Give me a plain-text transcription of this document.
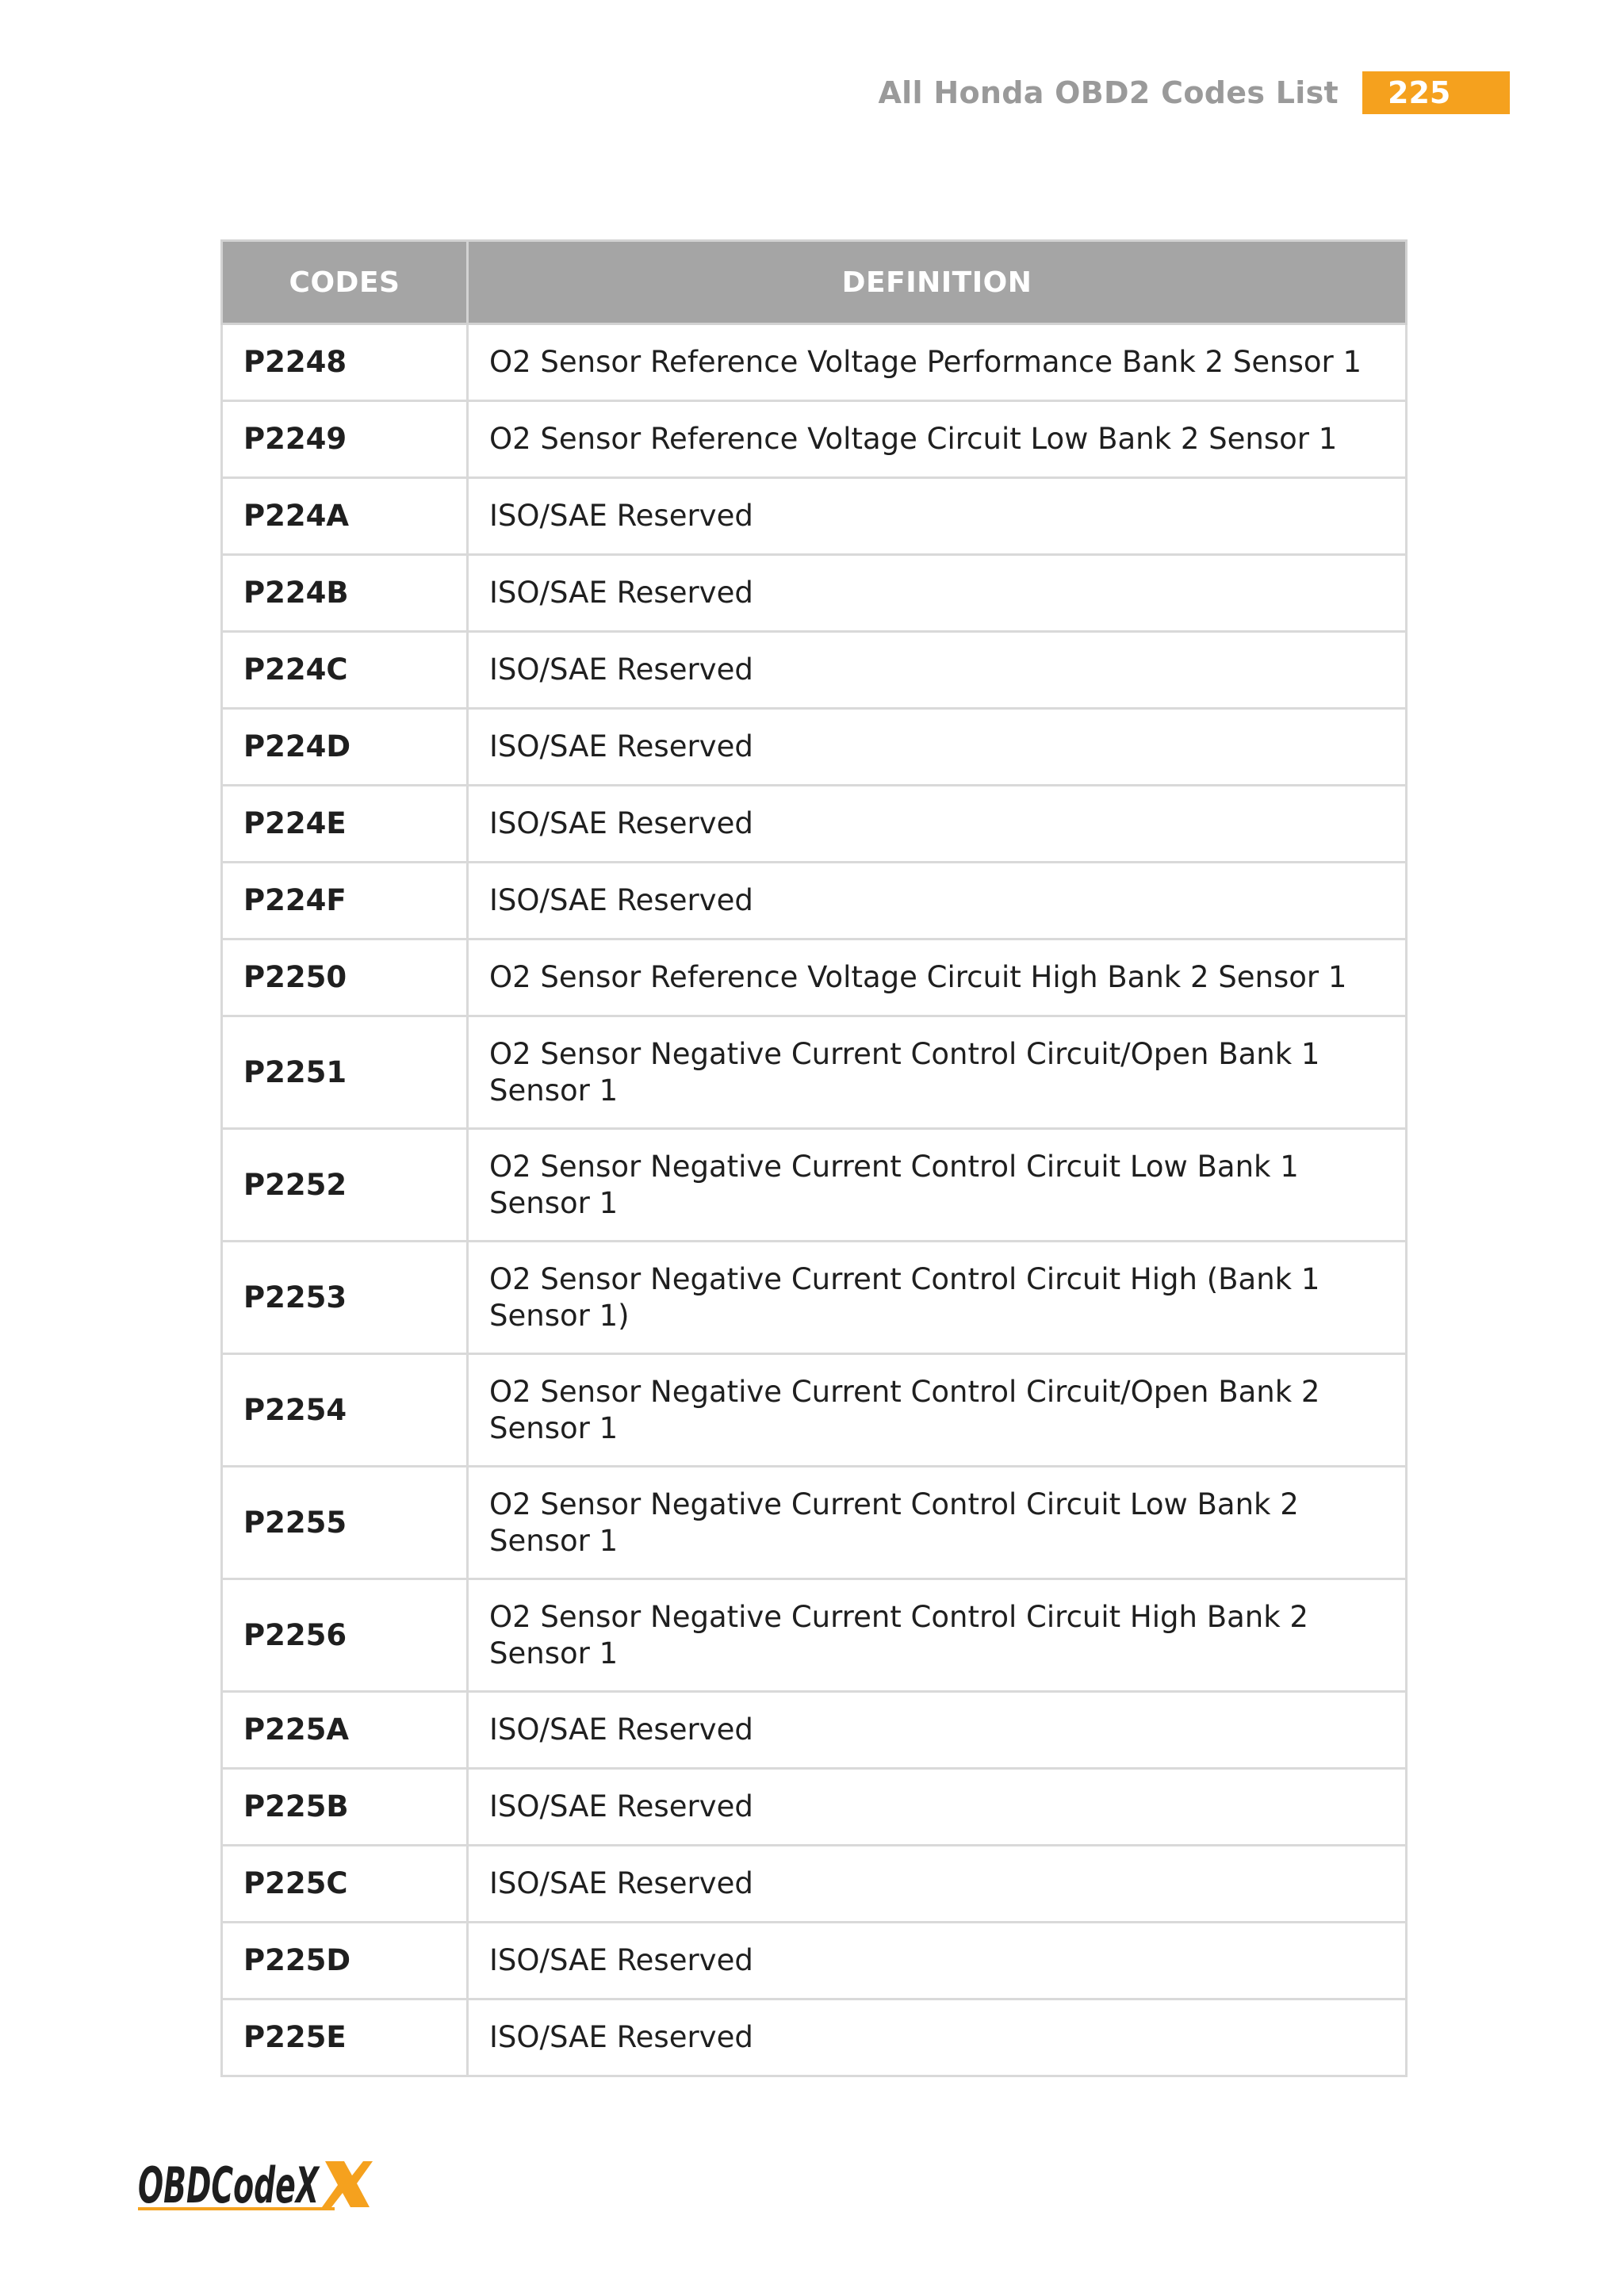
All Honda OBD2 Codes List	225
CODES	DEFINITION
P2248	O2 Sensor Reference Voltage Performance Bank 2 Sensor 1
P2249	O2 Sensor Reference Voltage Circuit Low Bank 2 Sensor 1
P224A	ISO/SAE Reserved
P224B	ISO/SAE Reserved
P224C	ISO/SAE Reserved
P224D	ISO/SAE Reserved
P224E	ISO/SAE Reserved
P224F	ISO/SAE Reserved
P2250	O2 Sensor Reference Voltage Circuit High Bank 2 Sensor 1
P2251	O2 Sensor Negative Current Control Circuit/Open Bank 1 Sensor 1
P2252	O2 Sensor Negative Current Control Circuit Low Bank 1 Sensor 1
P2253	O2 Sensor Negative Current Control Circuit High (Bank 1 Sensor 1)
P2254	O2 Sensor Negative Current Control Circuit/Open Bank 2 Sensor 1
P2255	O2 Sensor Negative Current Control Circuit Low Bank 2 Sensor 1
P2256	O2 Sensor Negative Current Control Circuit High Bank 2 Sensor 1
P225A	ISO/SAE Reserved
P225B	ISO/SAE Reserved
P225C	ISO/SAE Reserved
P225D	ISO/SAE Reserved
P225E	ISO/SAE Reserved
OBDCodeX
